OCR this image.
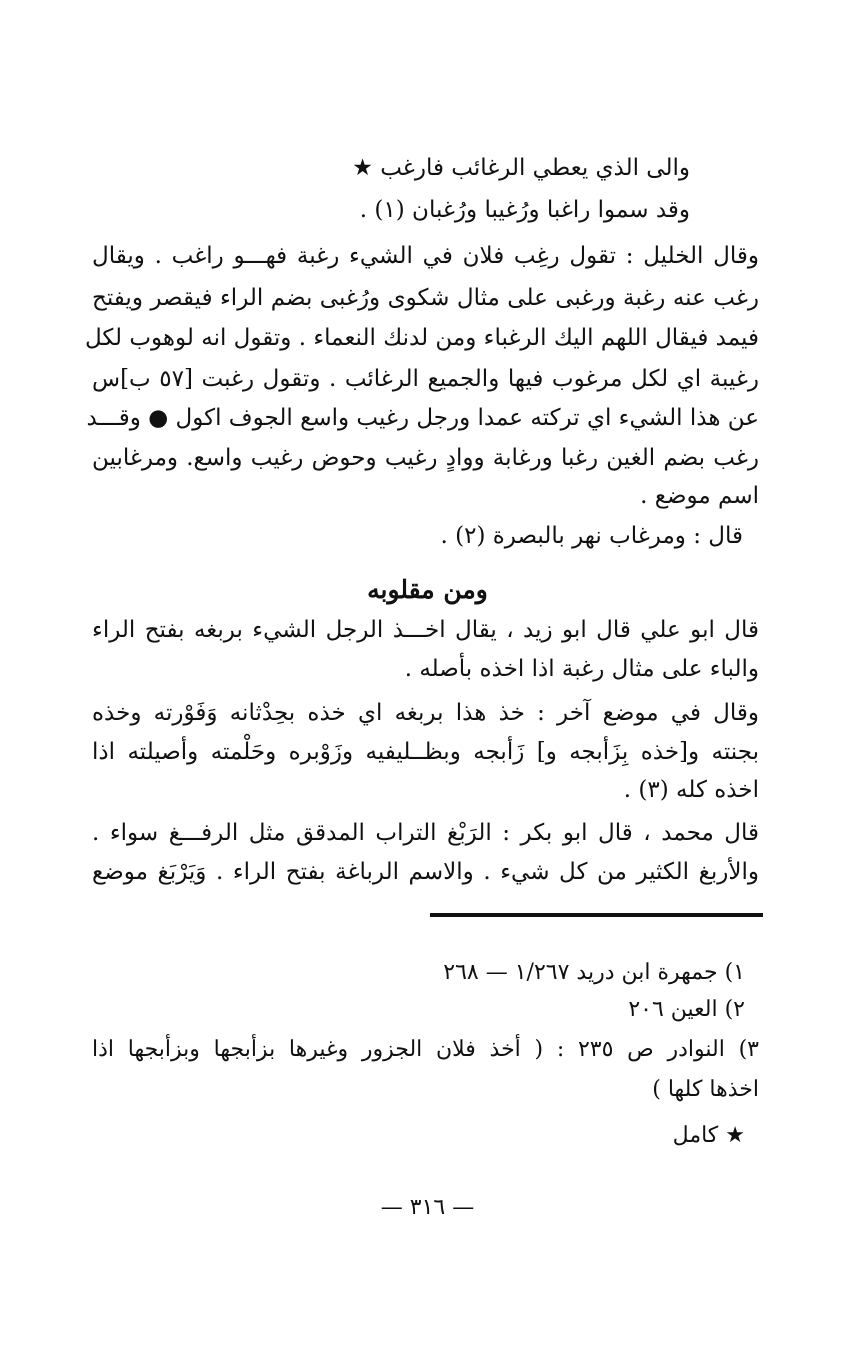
والى الذي يعطي الرغائب فارغب ★
وقد سموا راغبا ورُغيبا ورُغبان (١) .
وقال الخليل : تقول رغِب فلان في الشيء رغبة فهـــو راغب . ويقال
رغب عنه رغبة ورغبى على مثال شكوى ورُغبى بضم الراء فيقصر ويفتح
فيمد فيقال اللهم اليك الرغباء ومن لدنك النعماء . وتقول انه لوهوب لكل
رغيبة اي لكل مرغوب فيها والجميع الرغائب . وتقول رغبت [٥٧ ب]س
عن هذا الشيء اي تركته عمدا ورجل رغيب واسع الجوف اكول ● وقـــد
رغب بضم الغين رغبا ورغابة ووادٍ رغيب وحوض رغيب واسع. ومرغابين
اسم موضع .
قال : ومرغاب نهر بالبصرة (٢) .
ومن مقلوبه
قال ابو علي قال ابو زيد ، يقال اخـــذ الرجل الشيء بربغه بفتح الراء
والباء على مثال رغبة اذا اخذه بأصله .
وقال في موضع آخر : خذ هذا بربغه اي خذه بحِدْثانه وَفَوْرته وخذه
بجنته و[خذه بِزَأبجه و] زَأبجه وبظــليفيه وزَوْبره وحَلْمته وأصيلته اذا
اخذه كله (٣) .
قال محمد ، قال ابو بكر : الرَبْغ التراب المدقق مثل الرفـــغ سواء .
والأربغ الكثير من كل شيء . والاسم الرباغة بفتح الراء . وَيَرْبَغ موضع
١) جمهرة ابن دريد ١/٢٦٧ — ٢٦٨
٢) العين ٢٠٦
٣) النوادر ص ٢٣٥ : ( أخذ فلان الجزور وغيرها بزأبجها وبزأبجها اذا
اخذها كلها )
★ كامل
— ٣١٦ —
